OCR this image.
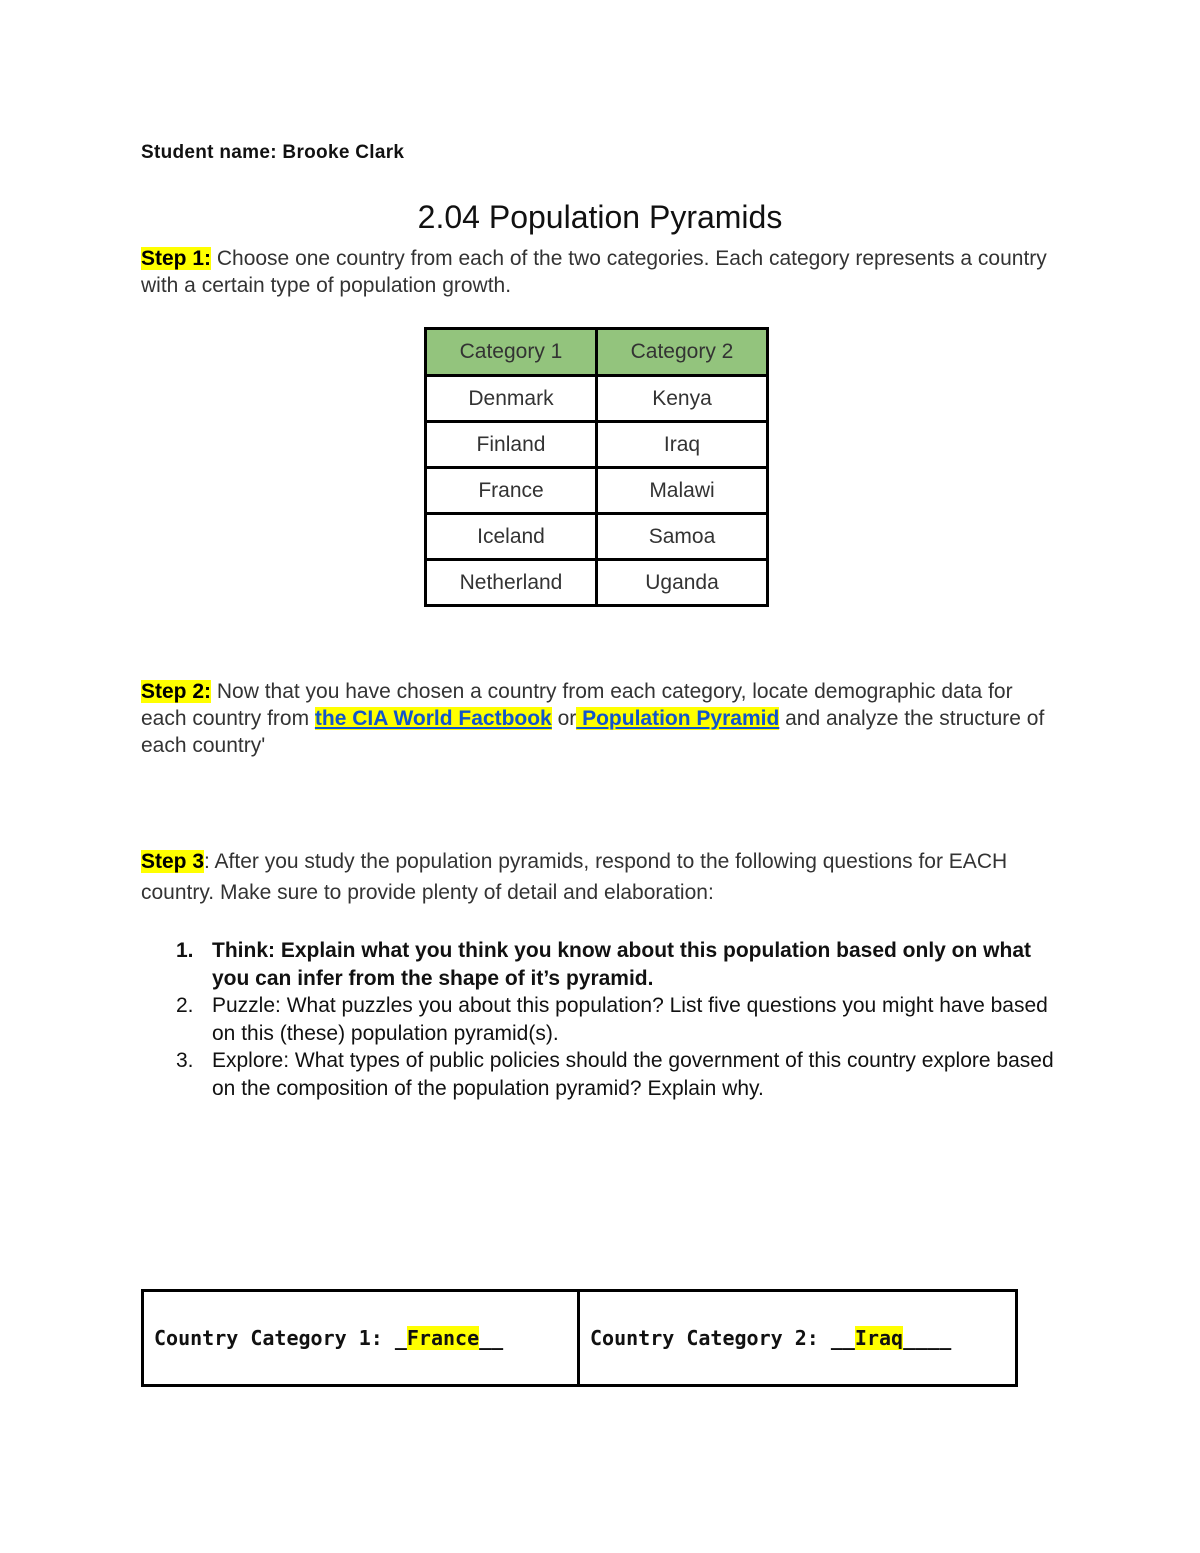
Student name: Brooke Clark
2.04 Population Pyramids
Step 1: Choose one country from each of the two categories. Each category represents a country with a certain type of population growth.
Category 1	Category 2
Denmark	Kenya
Finland	Iraq
France	Malawi
Iceland	Samoa
Netherland	Uganda
Step 2: Now that you have chosen a country from each category, locate demographic data for each country from the CIA World Factbook or Population Pyramid and analyze the structure of each country'
Step 3: After you study the population pyramids, respond to the following questions for EACH country. Make sure to provide plenty of detail and elaboration:
1. Think: Explain what you think you know about this population based only on what you can infer from the shape of it’s pyramid.
2. Puzzle: What puzzles you about this population? List five questions you might have based on this (these) population pyramid(s).
3. Explore: What types of public policies should the government of this country explore based on the composition of the population pyramid? Explain why.
Country Category 1: _France__	Country Category 2: __Iraq____
